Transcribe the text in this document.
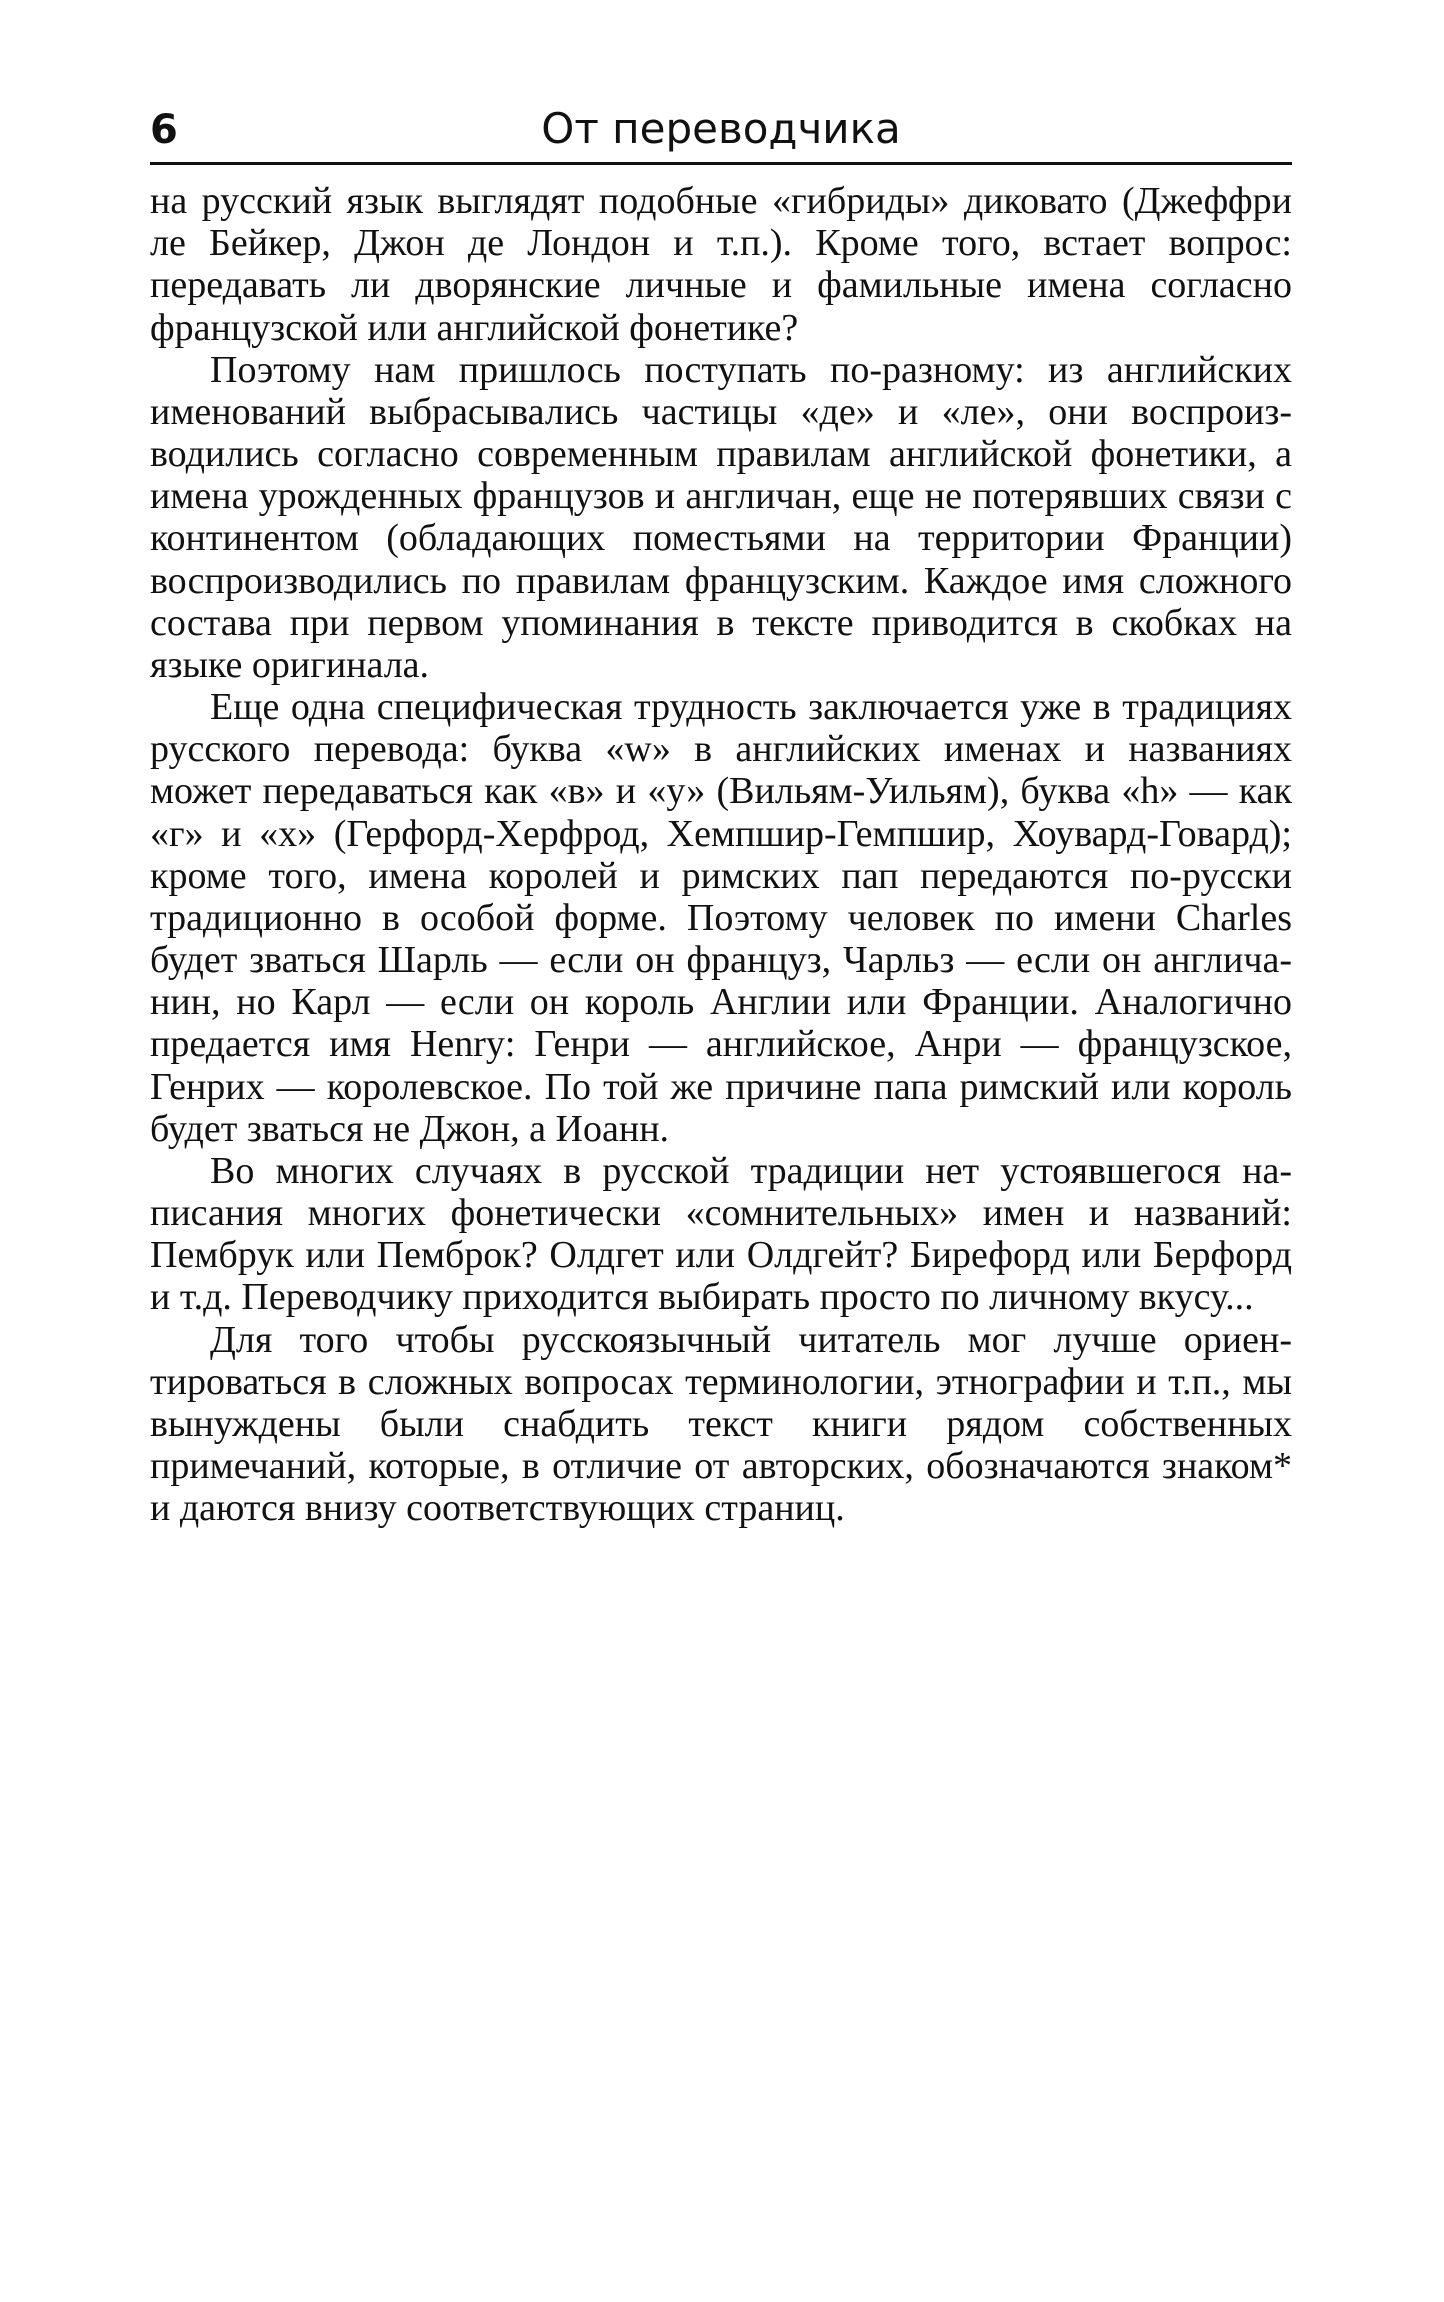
6	От переводчика

на русский язык выглядят подобные «гибриды» диковато (Джеффри ле Бейкер, Джон де Лондон и т.п.). Кроме того, встает вопрос: передавать ли дворянские личные и фамильные имена согласно французской или английской фонетике?

Поэтому нам пришлось поступать по-разному: из английских именований выбрасывались частицы «де» и «ле», они воспроизводились согласно современным правилам английской фонетики, а имена урожденных французов и англичан, еще не потерявших связи с континентом (обладающих поместьями на территории Франции) воспроизводились по правилам французским. Каждое имя сложного состава при первом упоминания в тексте приводится в скобках на языке оригинала.

Еще одна специфическая трудность заключается уже в традициях русского перевода: буква «w» в английских именах и названиях может передаваться как «в» и «у» (Вильям-Уильям), буква «h» — как «г» и «х» (Герфорд-Херфрод, Хемпшир-Гемпшир, Хоувард-Говард); кроме того, имена королей и римских пап передаются по-русски традиционно в особой форме. Поэтому человек по имени Charles будет зваться Шарль — если он француз, Чарльз — если он англичанин, но Карл — если он король Англии или Франции. Аналогично предается имя Henry: Генри — английское, Анри — французское, Генрих — королевское. По той же причине папа римский или король будет зваться не Джон, а Иоанн.

Во многих случаях в русской традиции нет устоявшегося написания многих фонетически «сомнительных» имен и названий: Пембрук или Пемброк? Олдгет или Олдгейт? Бирефорд или Берфорд и т.д. Переводчику приходится выбирать просто по личному вкусу...

Для того чтобы русскоязычный читатель мог лучше ориентироваться в сложных вопросах терминологии, этнографии и т.п., мы вынуждены были снабдить текст книги рядом собственных примечаний, которые, в отличие от авторских, обозначаются знаком* и даются внизу соответствующих страниц.
